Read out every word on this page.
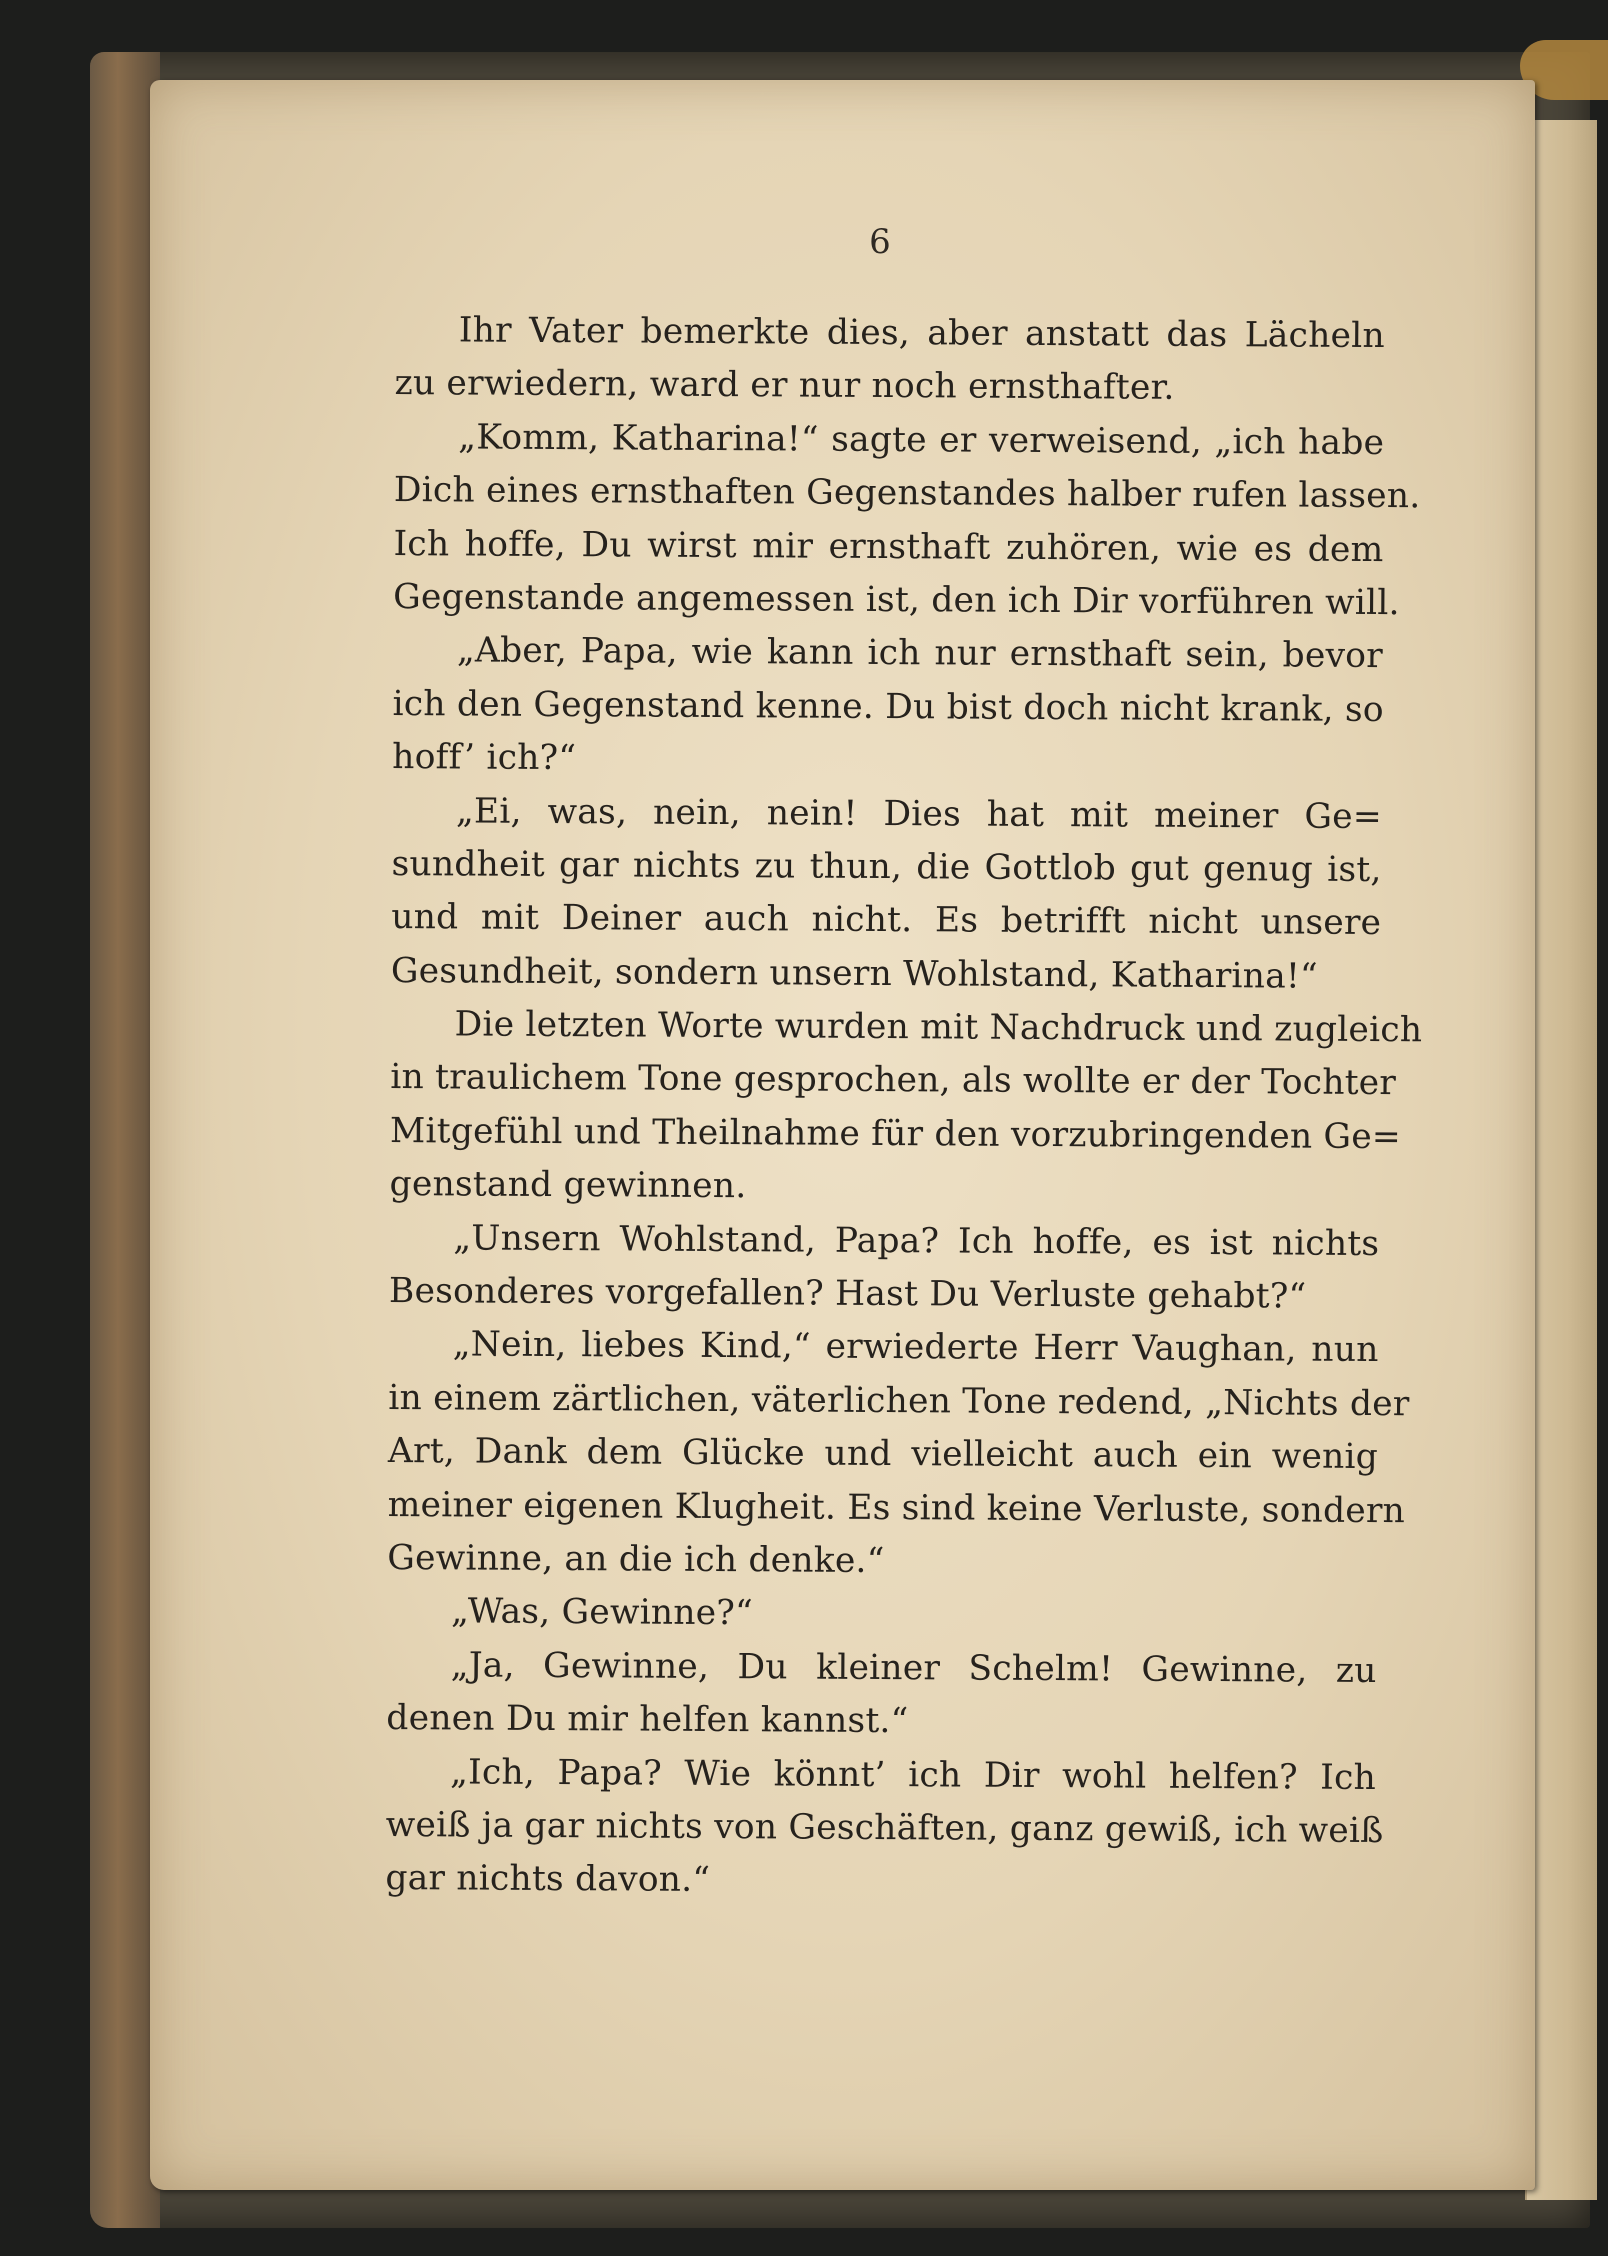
6
Ihr Vater bemerkte dies, aber anstatt das Lächeln
zu erwiedern, ward er nur noch ernsthafter.
„Komm, Katharina!“ sagte er verweisend, „ich habe
Dich eines ernsthaften Gegenstandes halber rufen lassen.
Ich hoffe, Du wirst mir ernsthaft zuhören, wie es dem
Gegenstande angemessen ist, den ich Dir vorführen will.
„Aber, Papa, wie kann ich nur ernsthaft sein, bevor
ich den Gegenstand kenne. Du bist doch nicht krank, so
hoff’ ich?“
„Ei, was, nein, nein! Dies hat mit meiner Ge=
sundheit gar nichts zu thun, die Gottlob gut genug ist,
und mit Deiner auch nicht. Es betrifft nicht unsere
Gesundheit, sondern unsern Wohlstand, Katharina!“
Die letzten Worte wurden mit Nachdruck und zugleich
in traulichem Tone gesprochen, als wollte er der Tochter
Mitgefühl und Theilnahme für den vorzubringenden Ge=
genstand gewinnen.
„Unsern Wohlstand, Papa? Ich hoffe, es ist nichts
Besonderes vorgefallen? Hast Du Verluste gehabt?“
„Nein, liebes Kind,“ erwiederte Herr Vaughan, nun
in einem zärtlichen, väterlichen Tone redend, „Nichts der
Art, Dank dem Glücke und vielleicht auch ein wenig
meiner eigenen Klugheit. Es sind keine Verluste, sondern
Gewinne, an die ich denke.“
„Was, Gewinne?“
„Ja, Gewinne, Du kleiner Schelm! Gewinne, zu
denen Du mir helfen kannst.“
„Ich, Papa? Wie könnt’ ich Dir wohl helfen? Ich
weiß ja gar nichts von Geschäften, ganz gewiß, ich weiß
gar nichts davon.“
